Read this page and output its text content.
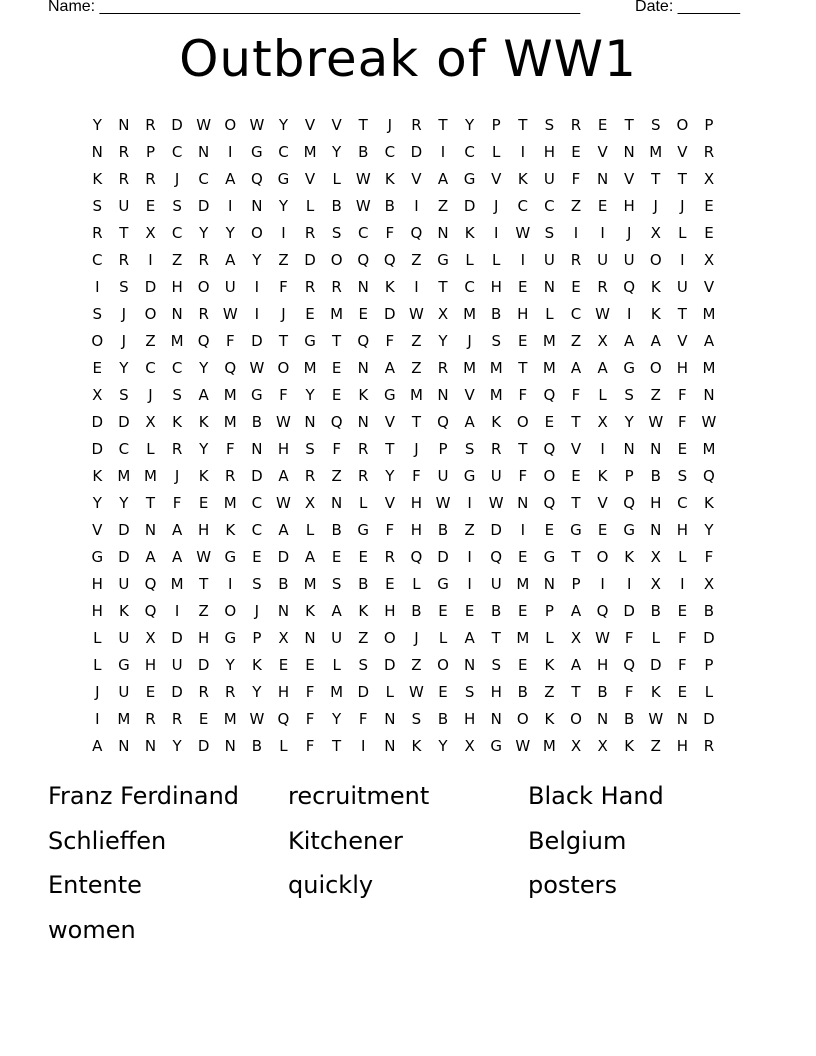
Name: ______________________________________________________	Date: _______
Outbreak of WW1
Y	N	R	D W O W Y	V	V	T	J	R	T	Y	P	T	S	R	E	T	S	O	P
N	R	P	C	N	I	G	C M	Y	B	C	D	I	C	L	I	H	E	V	N M V	R
K	R	R	J	C	A	Q G	V	L	W K	V	A	G	V	K	U	F	N	V	T	T	X
S	U	E	S	D	I	N	Y	L	B W B	I	Z	D	J	C	C	Z	E	H	J	J	E
R	T	X	C	Y	Y	O	I	R	S	C	F	Q	N	K	I	W S	I	I	J	X	L	E
C	R	I	Z	R	A	Y	Z	D O Q Q	Z	G	L	L	I	U	R	U	U	O	I	X
I	S	D	H	O	U	I	F	R	R	N	K	I	T	C	H	E	N	E	R	Q	K	U	V
S	J	O	N	R W	I	J	E	M	E	D W X M B	H	L	C W	I	K	T	M
O	J	Z M Q	F	D	T	G	T	Q	F	Z	Y	J	S	E	M Z	X	A	A	V	A
E	Y	C	C	Y	Q W O M	E	N	A	Z	R M M	T	M A	A	G O	H M
X	S	J	S	A M G	F	Y	E	K	G M N	V M	F	Q	F	L	S	Z	F	N
D	D	X	K	K	M B W N	Q	N	V	T	Q	A	K	O	E	T	X	Y W F W
D	C	L	R	Y	F	N	H	S	F	R	T	J	P	S	R	T	Q	V	I	N	N	E	M
K	M M	J	K	R	D	A	R	Z	R	Y	F	U	G	U	F	O	E	K	P	B	S	Q
Y	Y	T	F	E	M C W X	N	L	V	H W	I	W N	Q	T	V	Q	H	C	K
V	D	N	A	H	K	C	A	L	B	G	F	H	B	Z	D	I	E	G	E	G	N	H	Y
G	D	A	A W G	E	D	A	E	E	R	Q D	I	Q	E	G	T	O	K	X	L	F
H	U	Q M	T	I	S	B M	S	B	E	L	G	I	U M N	P	I	I	X	I	X
H	K	Q	I	Z	O	J	N	K	A	K	H	B	E	E	B	E	P	A	Q D	B	E	B
L	U	X	D	H	G	P	X	N	U	Z	O	J	L	A	T	M	L	X W F	L	F	D
L	G	H	U	D	Y	K	E	E	L	S	D	Z	O	N	S	E	K	A	H	Q D	F	P
J	U	E	D	R	R	Y	H	F	M D	L	W E	S	H	B	Z	T	B	F	K	E	L
I	M R	R	E	M W Q	F	Y	F	N	S	B	H	N	O	K	O	N	B W N	D
A	N	N	Y	D	N	B	L	F	T	I	N	K	Y	X	G W M X	X	K	Z	H	R
Franz Ferdinand	recruitment	Black Hand
Schlieffen	Kitchener	Belgium
Entente	quickly	posters
women
